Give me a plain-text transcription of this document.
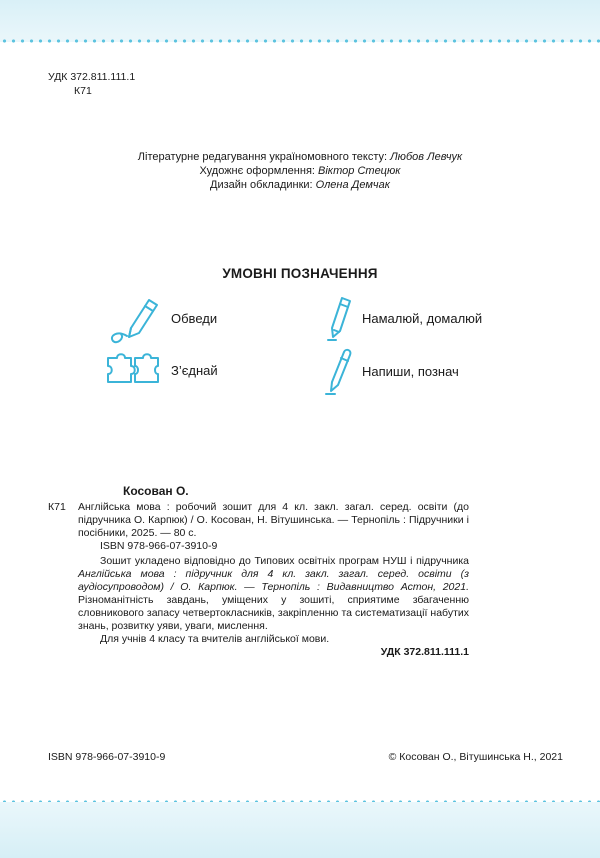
УДК 372.811.111.1
К71
Літературне редагування україномовного тексту: Любов Левчук
Художнє оформлення: Віктор Стецюк
Дизайн обкладинки: Олена Демчак
УМОВНІ ПОЗНАЧЕННЯ
Обведи	Намалюй, домалюй
З’єднай	Напиши, познач
Косован О.
К71	Англійська мова : робочий зошит для 4 кл. закл. загал. серед. освіти (до підручника О. Карпюк) / О. Косован, Н. Вітушинська. — Тернопіль : Підручники і посібники, 2025. — 80 с.

ISBN 978-966-07-3910-9

Зошит укладено відповідно до Типових освітніх програм НУШ і підручника Англійська мова : підручник для 4 кл. закл. загал. серед. освіти (з аудіосупроводом) / О. Карпюк. — Тернопіль : Видавництво Астон, 2021. Різноманітність завдань, уміщених у зошиті, сприятиме збагаченню словникового запасу четвертокласників, закріпленню та систематизації набутих знань, розвитку уяви, уваги, мислення.

Для учнів 4 класу та вчителів англійської мови.

УДК 372.811.111.1

ISBN 978-966-07-3910-9	© Косован О., Вітушинська Н., 2021
